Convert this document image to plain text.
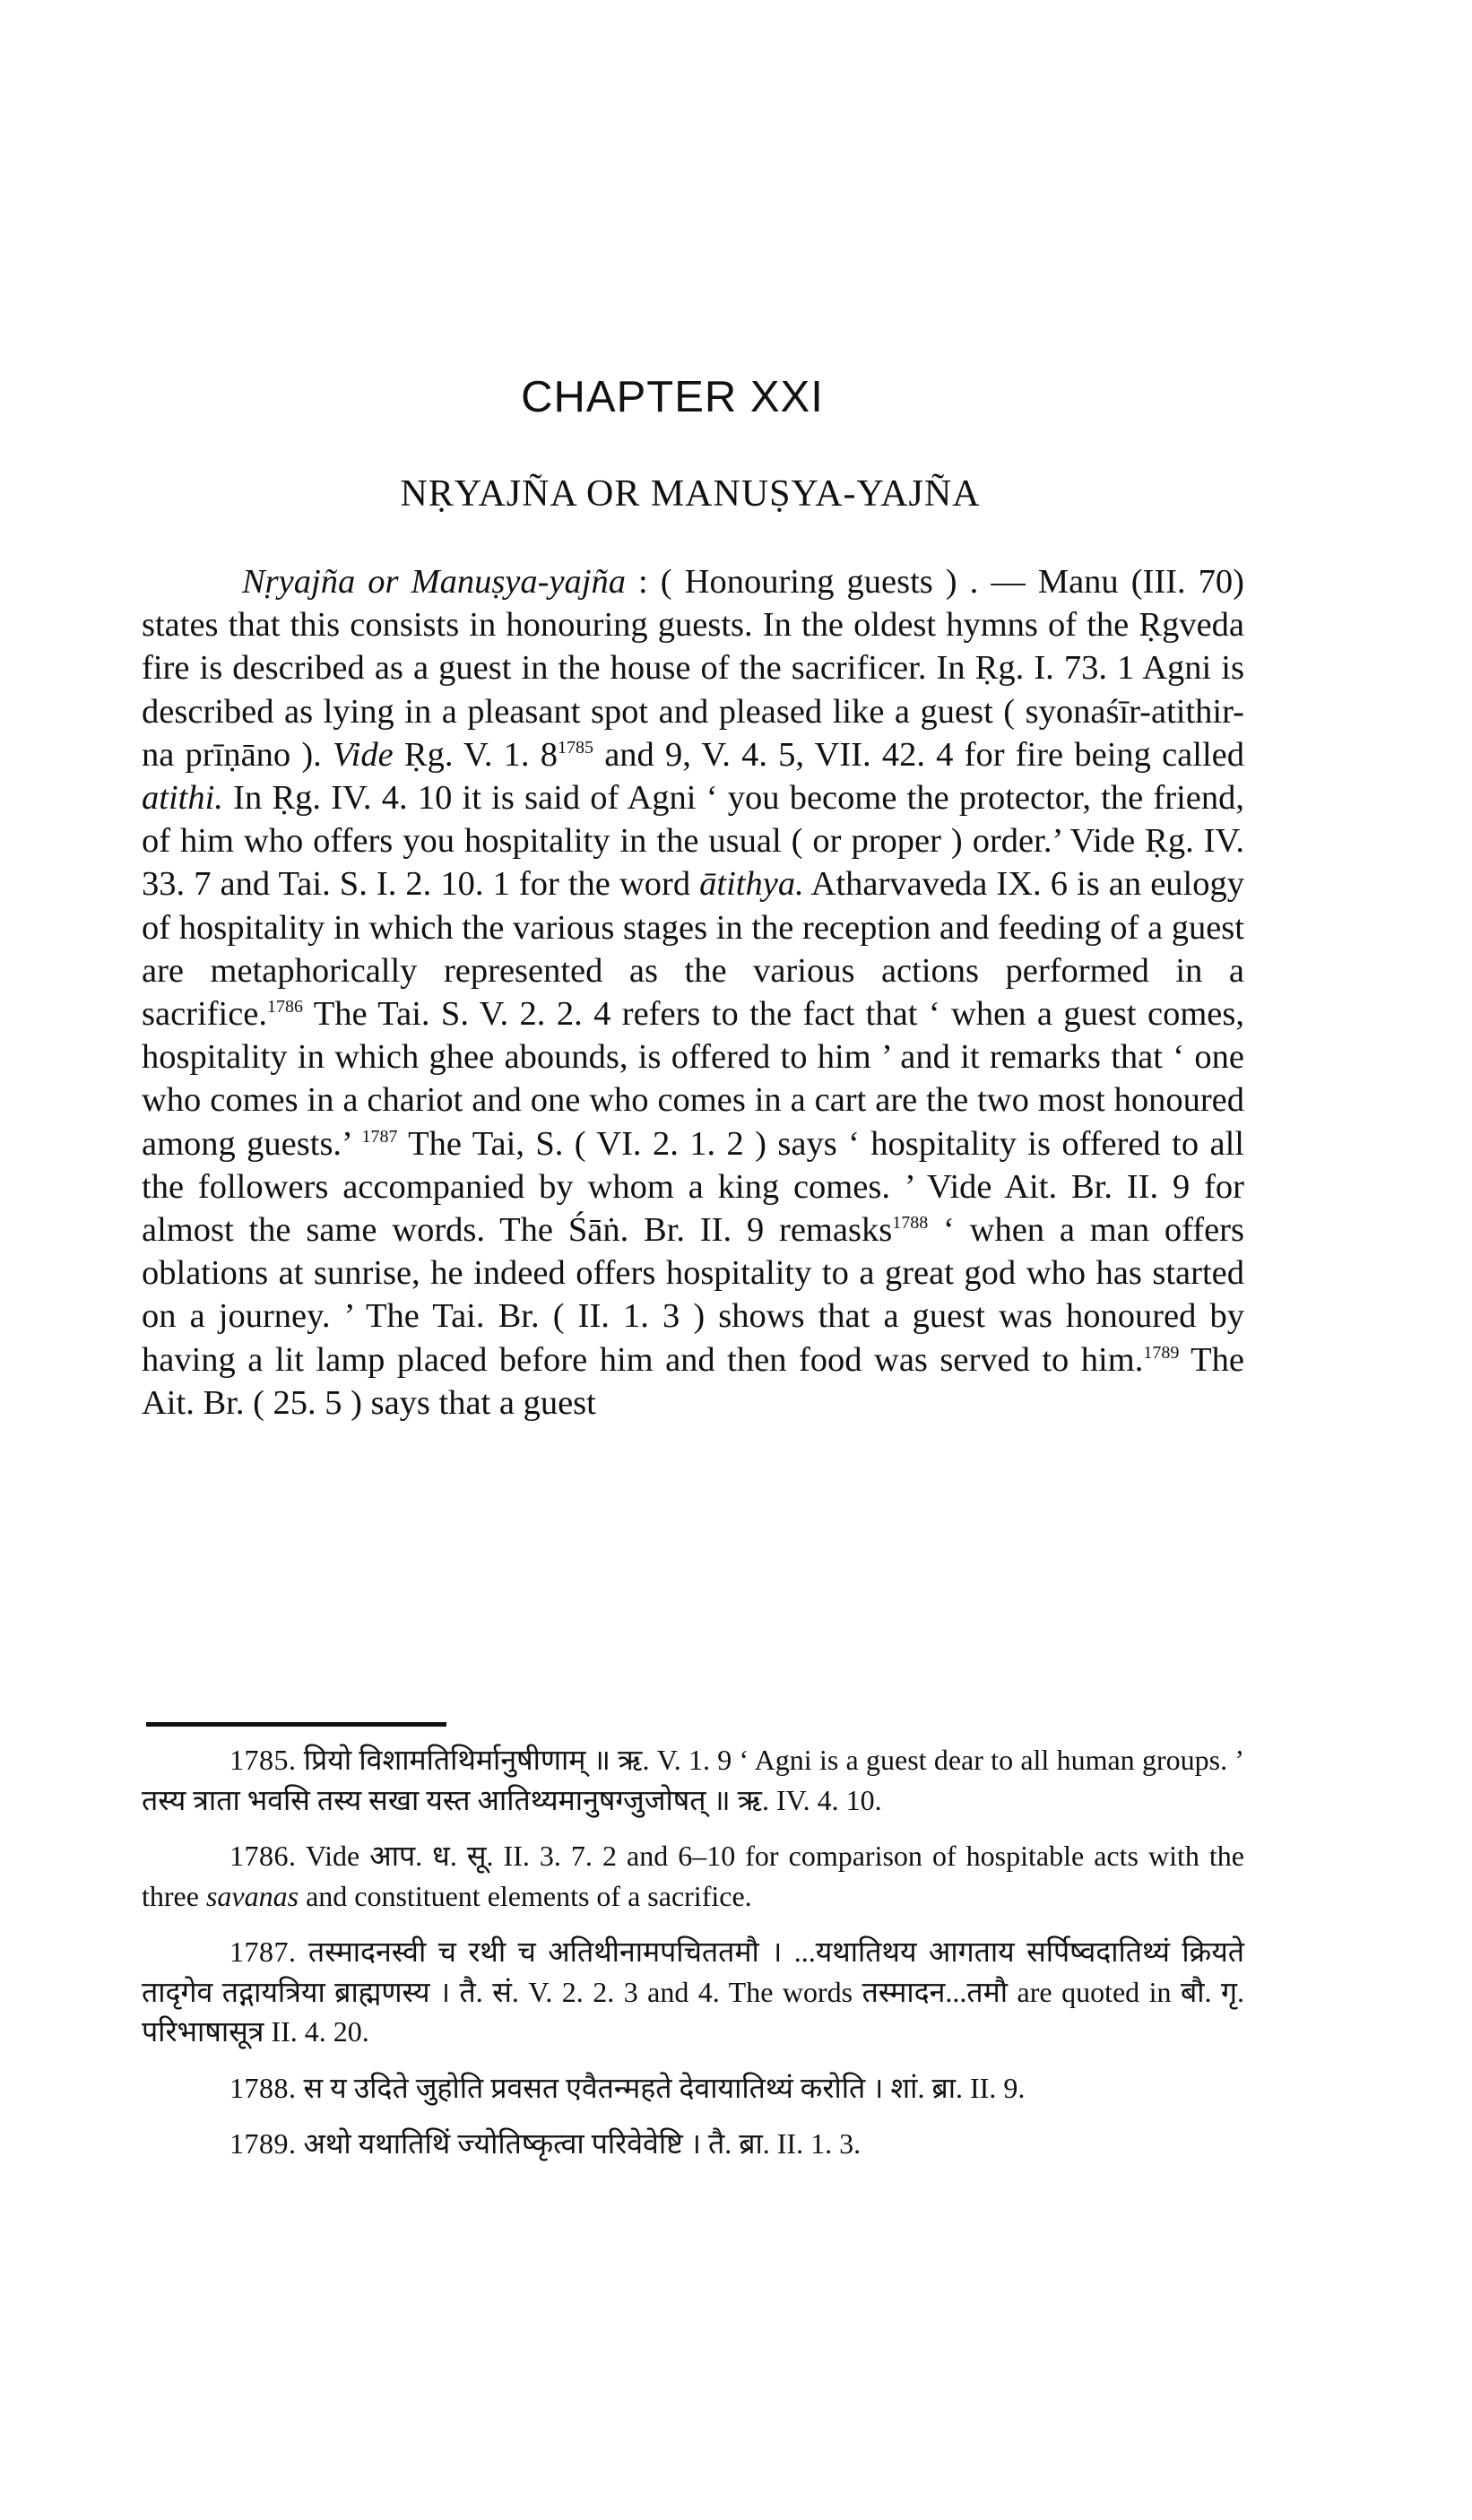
CHAPTER XXI
NṚYAJÑA OR MANUṢYA-YAJÑA

Nṛyajña or Manuṣya-yajña : ( Honouring guests ) . — Manu (III. 70) states that this consists in honouring guests. In the oldest hymns of the Ṛgveda fire is described as a guest in the house of the sacrificer. In Ṛg. I. 73. 1 Agni is described as lying in a pleasant spot and pleased like a guest ( syonaśīr-atithir-na prīṇāno ). Vide Ṛg. V. 1. $8^{1785}$ and 9, V. 4. 5, VII. 42. 4 for fire being called atithi. In Ṛg. IV. 4. 10 it is said of Agni ‘ you become the protector, the friend, of him who offers you hospitality in the usual ( or proper ) order.’ Vide Ṛg. IV. 33. 7 and Tai. S. I. 2. 10. 1 for the word ātithya. Atharvaveda IX. 6 is an eulogy of hospitality in which the various stages in the reception and feeding of a guest are metaphorically represented as the various actions performed in a sacrifice.$^{1786}$ The Tai. S. V. 2. 2. 4 refers to the fact that ‘ when a guest comes, hospitality in which ghee abounds, is offered to him ’ and it remarks that ‘ one who comes in a chariot and one who comes in a cart are the two most honoured among guests.’ $^{1787}$ The Tai, S. ( VI. 2. 1. 2 ) says ‘ hospitality is offered to all the followers accompanied by whom a king comes. ’ Vide Ait. Br. II. 9 for almost the same words. The Śāṅ. Br. II. 9 remasks$^{1788}$ ‘ when a man offers oblations at sunrise, he indeed offers hospitality to a great god who has started on a journey. ’ The Tai. Br. ( II. 1. 3 ) shows that a guest was honoured by having a lit lamp placed before him and then food was served to him.$^{1789}$ The Ait. Br. ( 25. 5 ) says that a guest

1785. प्रियो विशामतिथिर्मानुषीणाम् ॥ ऋ. V. 1. 9 ‘ Agni is a guest dear to all human groups. ’ तस्य त्राता भवसि तस्य सखा यस्त आतिथ्यमानुषग्जुजोषत् ॥ ऋ. IV. 4. 10.

1786. Vide आप. ध. सू. II. 3. 7. 2 and 6–10 for comparison of hospitable acts with the three savanas and constituent elements of a sacrifice.

1787. तस्मादनस्वी च रथी च अतिथीनामपचिततमौ । ...यथातिथय आगताय सर्पिष्वदातिथ्यं क्रियते तादृगेव तद्गायत्रिया ब्राह्मणस्य । तै. सं. V. 2. 2. 3 and 4. The words तस्मादन...तमौ are quoted in बौ. गृ. परिभाषासूत्र II. 4. 20.

1788. स य उदिते जुहोति प्रवसत एवैतन्महते देवायातिथ्यं करोति । शां. ब्रा. II. 9.

1789. अथो यथातिथिं ज्योतिष्कृत्वा परिवेवेष्टि । तै. ब्रा. II. 1. 3.
